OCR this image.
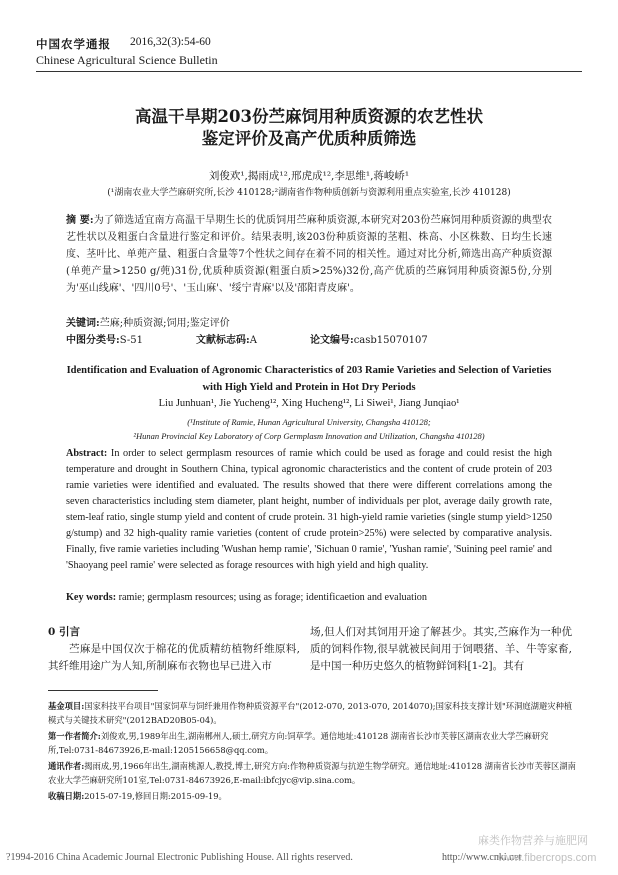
中国农学通报 2016,32(3):54-60
Chinese Agricultural Science Bulletin
高温干旱期203份苎麻饲用种质资源的农艺性状
鉴定评价及高产优质种质筛选
刘俊欢¹,揭雨成¹²,邢虎成¹²,李思维¹,蒋峻峤¹
(¹湖南农业大学苎麻研究所,长沙 410128;²湖南省作物种质创新与资源利用重点实验室,长沙 410128)
摘 要:为了筛选适宜南方高温干旱期生长的优质饲用苎麻种质资源,本研究对203份苎麻饲用种质资源的典型农艺性状以及粗蛋白含量进行鉴定和评价。结果表明,该203份种质资源的茎粗、株高、小区株数、日均生长速度、茎叶比、单蔸产量、粗蛋白含量等7个性状之间存在着不同的相关性。通过对比分析,筛选出高产种质资源(单蔸产量>1250 g/蔸)31份,优质种质资源(粗蛋白质>25%)32份,高产优质的苎麻饲用种质资源5份,分别为'巫山线麻'、'四川0号'、'玉山麻'、'绥宁青麻'以及'邵阳青皮麻'。
关键词:苎麻;种质资源;饲用;鉴定评价
中图分类号:S-51	文献标志码:A	论文编号:casb15070107
Identification and Evaluation of Agronomic Characteristics of 203 Ramie Varieties and Selection of Varieties with High Yield and Protein in Hot Dry Periods
Liu Junhuan¹, Jie Yucheng¹², Xing Hucheng¹², Li Siwei¹, Jiang Junqiao¹
(¹Institute of Ramie, Hunan Agricultural University, Changsha 410128;
²Hunan Provincial Key Laboratory of Corp Germplasm Innovation and Utilization, Changsha 410128)
Abstract: In order to select germplasm resources of ramie which could be used as forage and could resist the high temperature and drought in Southern China, typical agronomic characteristics and the content of crude protein of 203 ramie varieties were identified and evaluated. The results showed that there were different correlations among the seven characteristics including stem diameter, plant height, number of individuals per plot, average daily growth rate, stem-leaf ratio, single stump yield and content of crude protein. 31 high-yield ramie varieties (single stump yield>1250 g/stump) and 32 high-quality ramie varieties (content of crude protein>25%) were selected by comparative analysis. Finally, five ramie varieties including 'Wushan hemp ramie', 'Sichuan 0 ramie', 'Yushan ramie', 'Suining peel ramie' and 'Shaoyang peel ramie' were selected as forage resources with high yield and high quality.
Key words: ramie; germplasm resources; using as forage; identificaetion and evaluation
0 引言
苎麻是中国仅次于棉花的优质精纺植物纤维原料,其纤维用途广为人知,所制麻布衣物也早已进入市
场,但人们对其饲用开途了解甚少。其实,苎麻作为一种优质的饲料作物,很早就被民间用于饲喂猪、羊、牛等家畜,是中国一种历史悠久的植物鲜饲料[1-2]。其有

基金项目:国家科技平台项目"国家饲草与饲纤兼用作物种质资源平台"(2012-070, 2013-070, 2014070);国家科技支撑计划"环洞庭湖避灾种植模式与关键技术研究"(2012BAD20B05-04)。

第一作者简介:刘俊欢,男,1989年出生,湖南郴州人,硕士,研究方向:饲草学。通信地址:410128 湖南省长沙市芙蓉区湖南农业大学苎麻研究所,Tel:0731-84673926,E-mail:1205156658@qq.com。

通讯作者:揭雨成,男,1966年出生,湖南桃源人,教授,博士,研究方向:作物种质资源与抗逆生物学研究。通信地址:410128 湖南省长沙市芙蓉区湖南农业大学苎麻研究所101室,Tel:0731-84673926,E-mail:ibfcjyc@vip.sina.com。

收稿日期:2015-07-19,修回日期:2015-09-19。

麻类作物营养与施肥网
?1994-2016 China Academic Journal Electronic Publishing House. All rights reserved.	http://www.cnki.net
www.fibercrops.com
